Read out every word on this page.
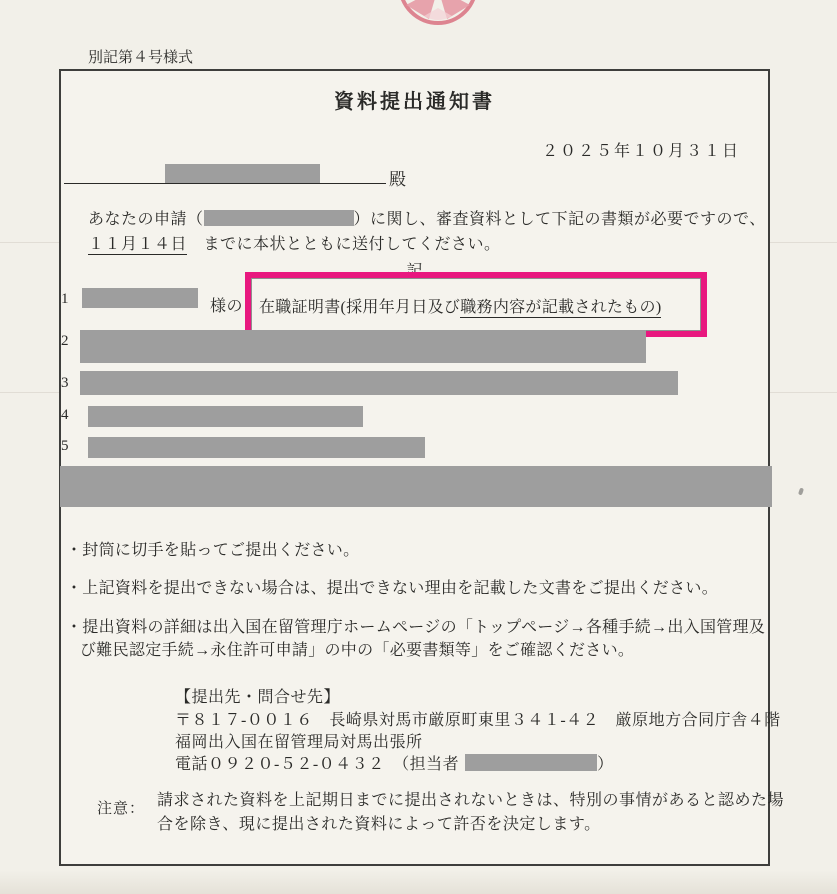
別記第４号様式
資料提出通知書
２０２５年１０月３１日
殿
あなたの申請（	）に関し、審査資料として下記の書類が必要ですので、
１１月１４日　までに本状とともに送付してください。
記
1	様の 在職証明書(採用年月日及び職務内容が記載されたもの)
2
3
4
5
・封筒に切手を貼ってご提出ください。
・上記資料を提出できない場合は、提出できない理由を記載した文書をご提出ください。
・提出資料の詳細は出入国在留管理庁ホームページの「トップページ→各種手続→出入国管理及
び難民認定手続→永住許可申請」の中の「必要書類等」をご確認ください。
【提出先・問合せ先】
〒８１７-００１６　長崎県対馬市厳原町東里３４１-４２　厳原地方合同庁舎４階
福岡出入国在留管理局対馬出張所
電話０９２０-５２-０４３２　（担当者	）
注意： 請求された資料を上記期日までに提出されないときは、特別の事情があると認めた場
合を除き、現に提出された資料によって許否を決定します。
